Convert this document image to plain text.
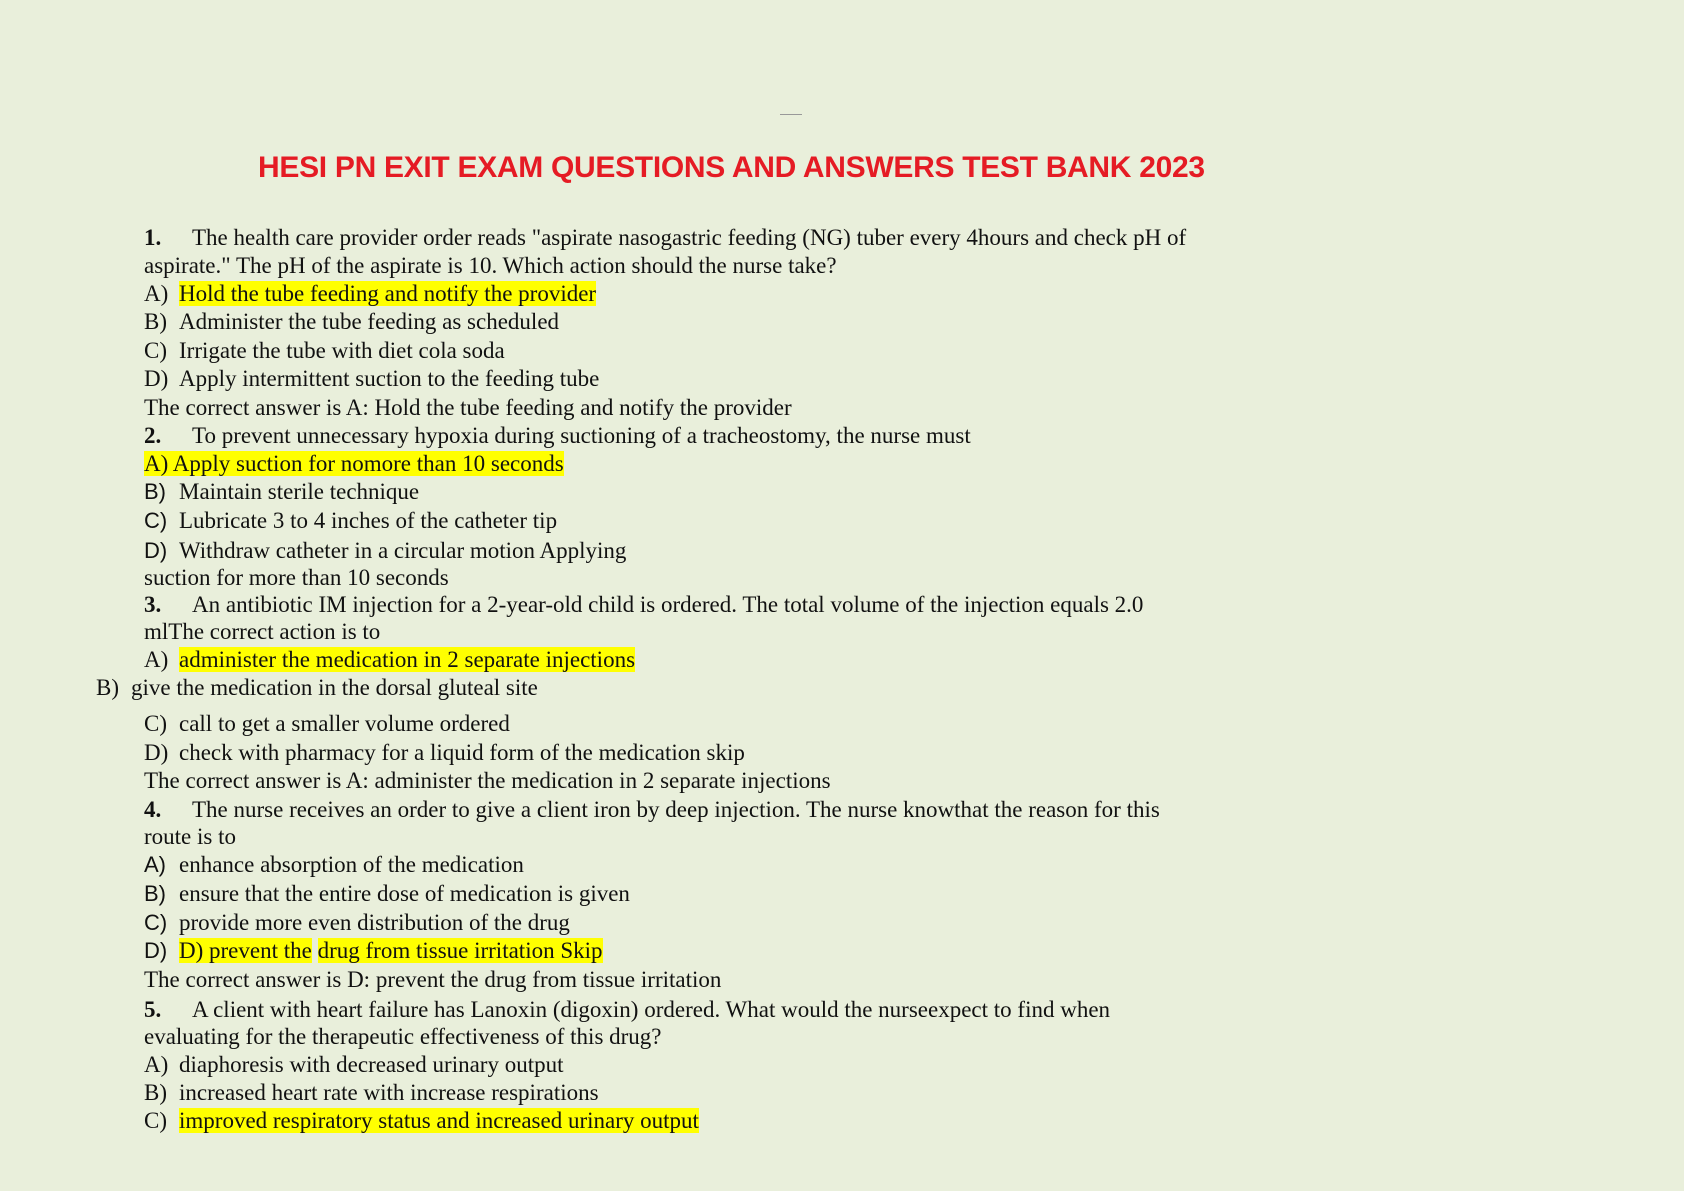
HESI PN EXIT EXAM QUESTIONS AND ANSWERS TEST BANK 2023
1. The health care provider order reads "aspirate nasogastric feeding (NG) tuber every 4hours and check pH of
aspirate." The pH of the aspirate is 10. Which action should the nurse take?
A) Hold the tube feeding and notify the provider
B) Administer the tube feeding as scheduled
C) Irrigate the tube with diet cola soda
D) Apply intermittent suction to the feeding tube
The correct answer is A: Hold the tube feeding and notify the provider
2. To prevent unnecessary hypoxia during suctioning of a tracheostomy, the nurse must
A) Apply suction for nomore than 10 seconds
B) Maintain sterile technique
C) Lubricate 3 to 4 inches of the catheter tip
D) Withdraw catheter in a circular motion Applying
suction for more than 10 seconds
3. An antibiotic IM injection for a 2-year-old child is ordered. The total volume of the injection equals 2.0
mlThe correct action is to
A) administer the medication in 2 separate injections
B) give the medication in the dorsal gluteal site
C) call to get a smaller volume ordered
D) check with pharmacy for a liquid form of the medication skip
The correct answer is A: administer the medication in 2 separate injections
4. The nurse receives an order to give a client iron by deep injection. The nurse knowthat the reason for this
route is to
A) enhance absorption of the medication
B) ensure that the entire dose of medication is given
C) provide more even distribution of the drug
D) D) prevent the drug from tissue irritation Skip
The correct answer is D: prevent the drug from tissue irritation
5. A client with heart failure has Lanoxin (digoxin) ordered. What would the nurseexpect to find when
evaluating for the therapeutic effectiveness of this drug?
A) diaphoresis with decreased urinary output
B) increased heart rate with increase respirations
C) improved respiratory status and increased urinary output
